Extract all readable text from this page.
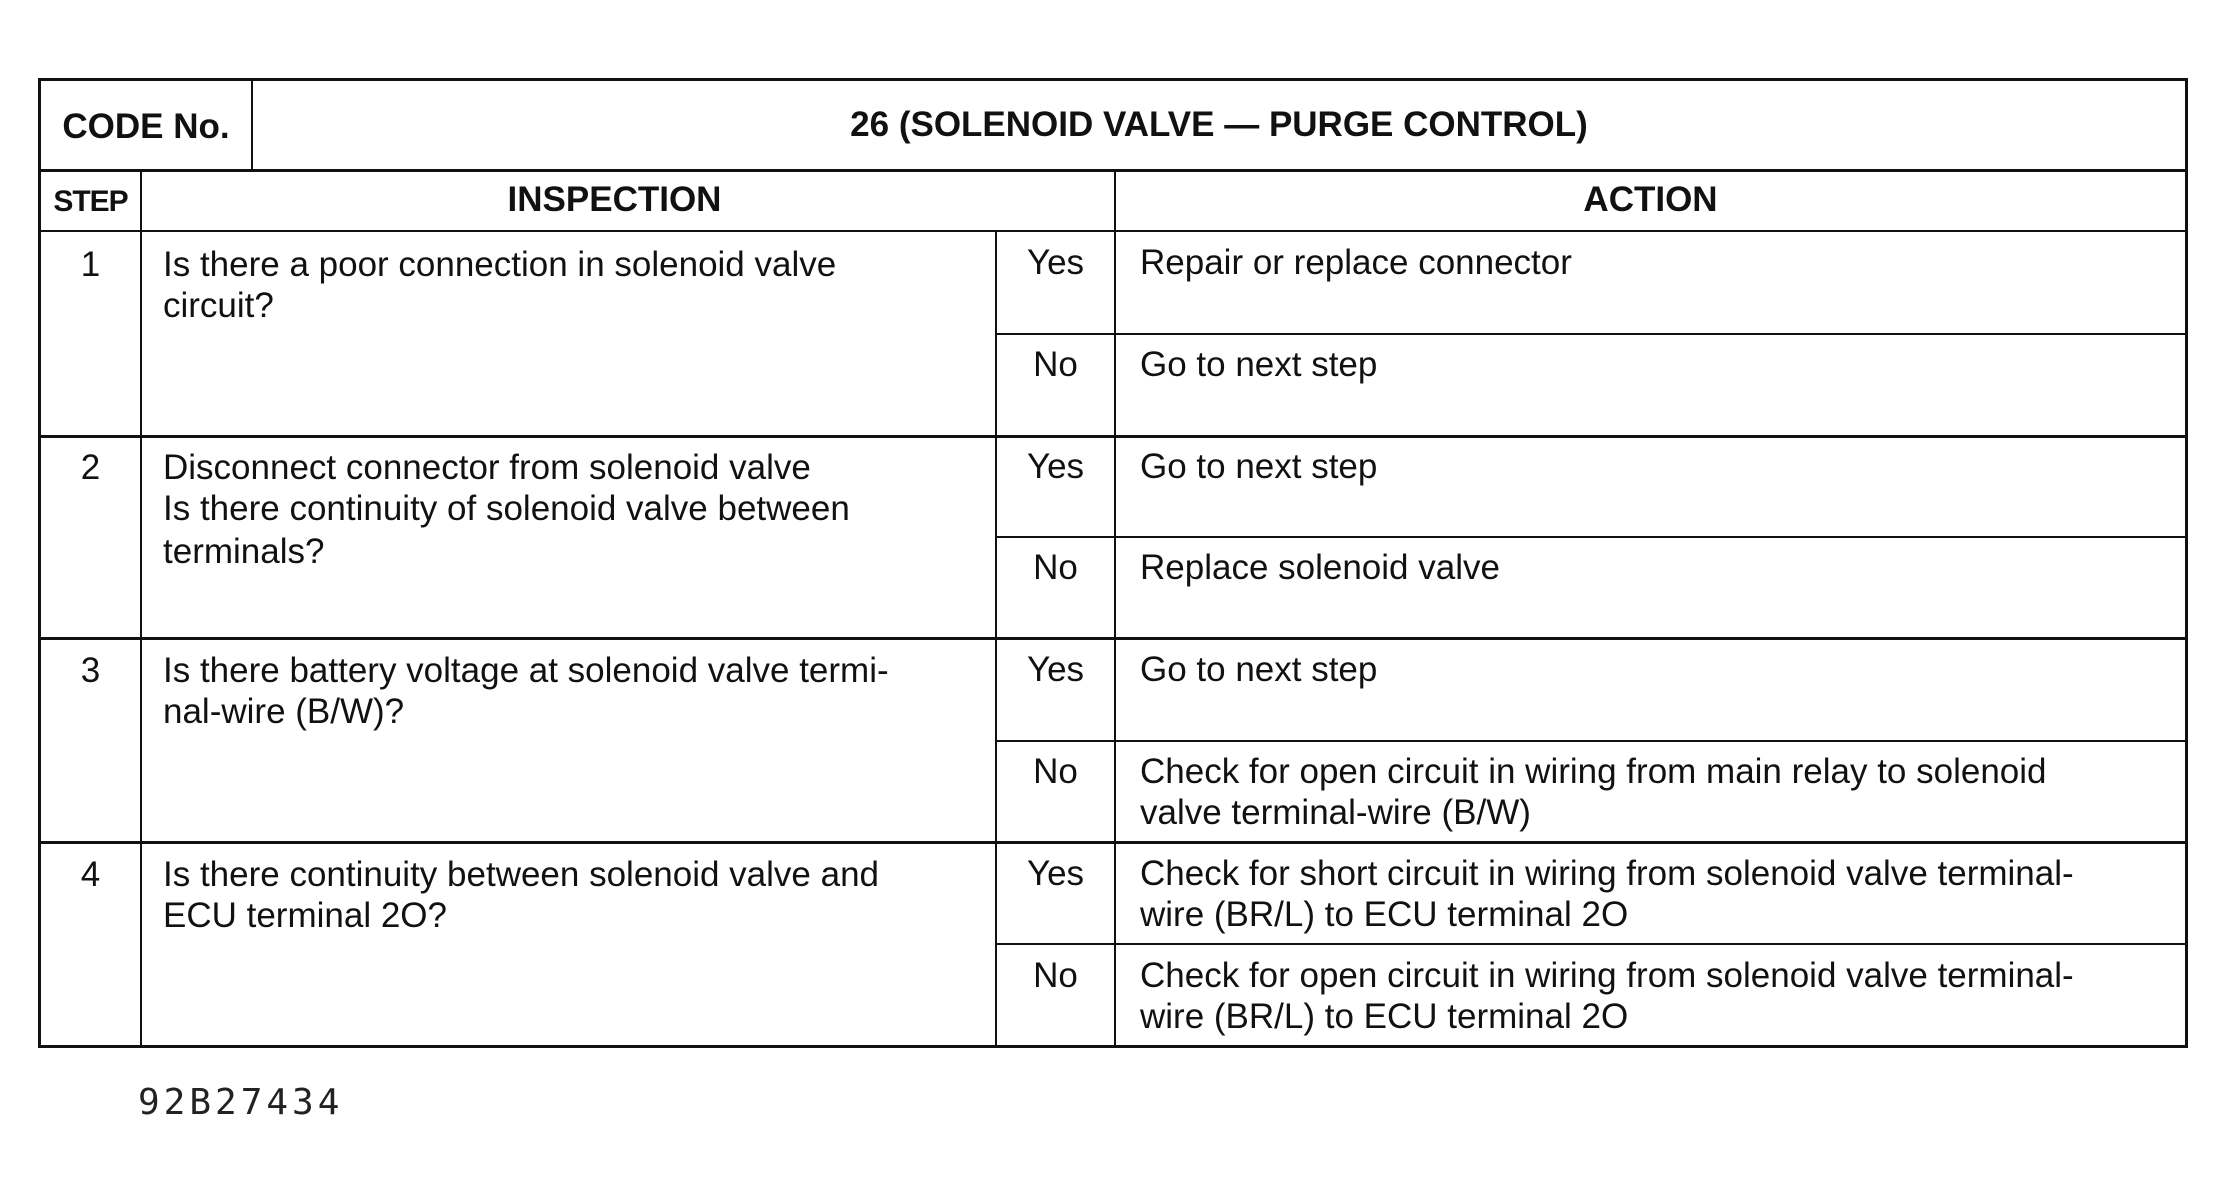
CODE No.	26 (SOLENOID VALVE — PURGE CONTROL)
STEP	INSPECTION	ACTION
1	Is there a poor connection in solenoid valve
circuit?
Yes	Repair or replace connector
No	Go to next step
2	Disconnect connector from solenoid valve
Is there continuity of solenoid valve between
terminals?
Yes	Go to next step
No	Replace solenoid valve
3	Is there battery voltage at solenoid valve termi-
nal-wire (B/W)?
Yes	Go to next step
No	Check for open circuit in wiring from main relay to solenoid
valve terminal-wire (B/W)
4	Is there continuity between solenoid valve and
ECU terminal 2O?
Yes	Check for short circuit in wiring from solenoid valve terminal-
wire (BR/L) to ECU terminal 2O
No	Check for open circuit in wiring from solenoid valve terminal-
wire (BR/L) to ECU terminal 2O
92B27434
